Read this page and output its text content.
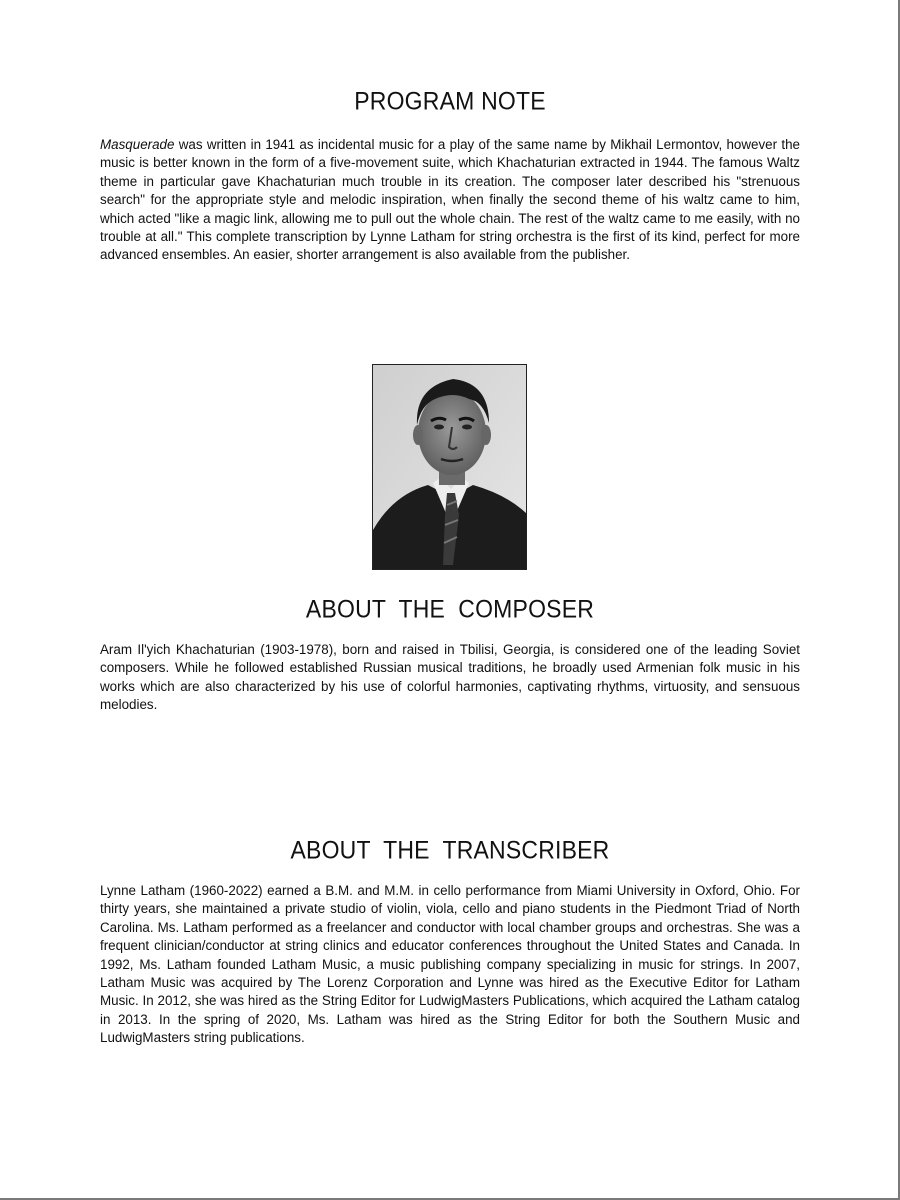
PROGRAM NOTE

Masquerade was written in 1941 as incidental music for a play of the same name by Mikhail Lermontov, however the music is better known in the form of a five-movement suite, which Khachaturian extracted in 1944. The famous Waltz theme in particular gave Khachaturian much trouble in its creation. The composer later described his "strenuous search" for the appropriate style and melodic inspiration, when finally the second theme of his waltz came to him, which acted "like a magic link, allowing me to pull out the whole chain. The rest of the waltz came to me easily, with no trouble at all." This complete transcription by Lynne Latham for string orchestra is the first of its kind, perfect for more advanced ensembles. An easier, shorter arrangement is also available from the publisher.

ABOUT  THE  COMPOSER

Aram Il'yich Khachaturian (1903-1978), born and raised in Tbilisi, Georgia, is considered one of the leading Soviet composers. While he followed established Russian musical traditions, he broadly used Armenian folk music in his works which are also characterized by his use of colorful harmonies, captivating rhythms, virtuosity, and sensuous melodies.

ABOUT  THE  TRANSCRIBER

Lynne Latham (1960-2022) earned a B.M. and M.M. in cello performance from Miami University in Oxford, Ohio. For thirty years, she maintained a private studio of violin, viola, cello and piano students in the Piedmont Triad of North Carolina. Ms. Latham performed as a freelancer and conductor with local chamber groups and orchestras. She was a frequent clinician/conductor at string clinics and educator conferences throughout the United States and Canada. In 1992, Ms. Latham founded Latham Music, a music publishing company specializing in music for strings. In 2007, Latham Music was acquired by The Lorenz Corporation and Lynne was hired as the Executive Editor for Latham Music. In 2012, she was hired as the String Editor for LudwigMasters Publications, which acquired the Latham catalog in 2013. In the spring of 2020, Ms. Latham was hired as the String Editor for both the Southern Music and LudwigMasters string publications.
